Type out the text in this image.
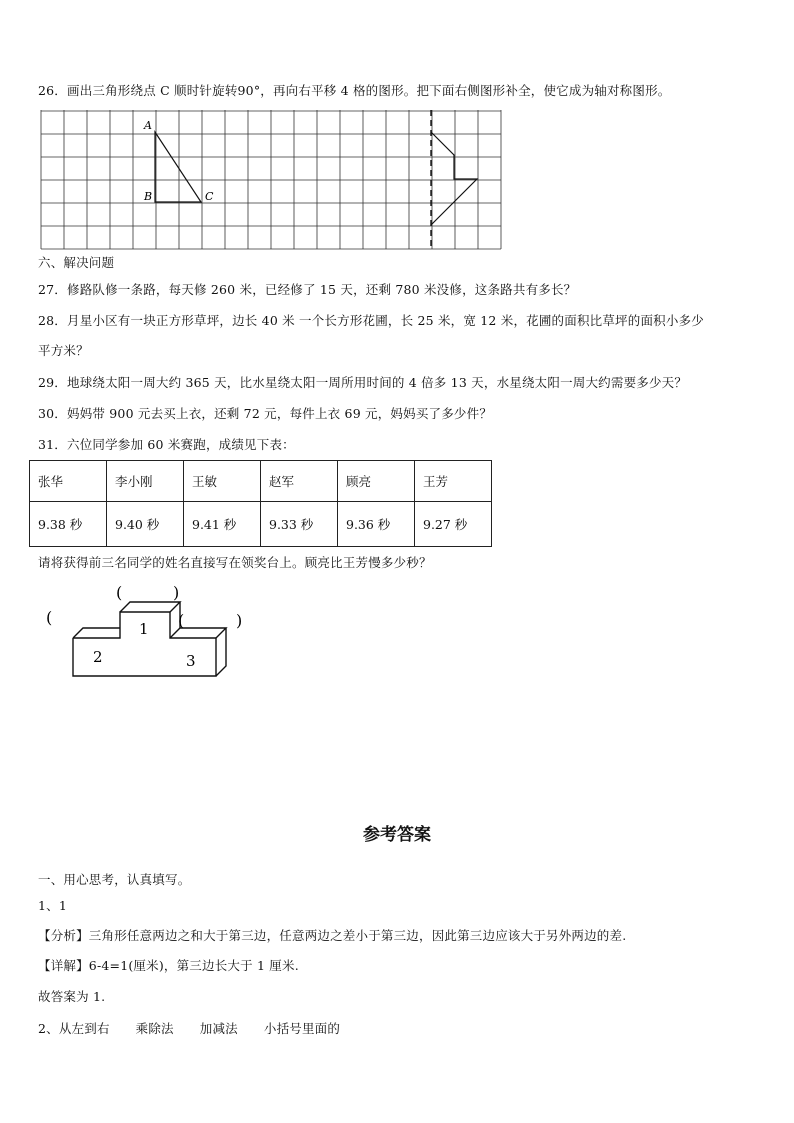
26．画出三角形绕点 C 顺时针旋转90°，再向右平移 4 格的图形。把下面右侧图形补全，使它成为轴对称图形。
A
B	C
六、解决问题
27．修路队修一条路，每天修 260 米，已经修了 15 天，还剩 780 米没修，这条路共有多长？
28．月星小区有一块正方形草坪，边长 40 米 一个长方形花圃，长 25 米，宽 12 米，花圃的面积比草坪的面积小多少
平方米？
29．地球绕太阳一周大约 365 天，比水星绕太阳一周所用时间的 4 倍多 13 天，水星绕太阳一周大约需要多少天？
30．妈妈带 900 元去买上衣，还剩 72 元，每件上衣 69 元，妈妈买了多少件？
31．六位同学参加 60 米赛跑，成绩见下表：
张华	李小刚	王敏	赵军	顾亮	王芳
9.38 秒	9.40 秒	9.41 秒	9.33 秒	9.36 秒	9.27 秒
请将获得前三名同学的姓名直接写在领奖台上。顾亮比王芳慢多少秒？
(
(	)
(	)
1
2	3
参考答案
一、用心思考，认真填写。
1、1
【分析】三角形任意两边之和大于第三边，任意两边之差小于第三边，因此第三边应该大于另外两边的差.
【详解】6-4=1(厘米)，第三边长大于 1 厘米.
故答案为 1.
2、从左到右 乘除法 加减法 小括号里面的
